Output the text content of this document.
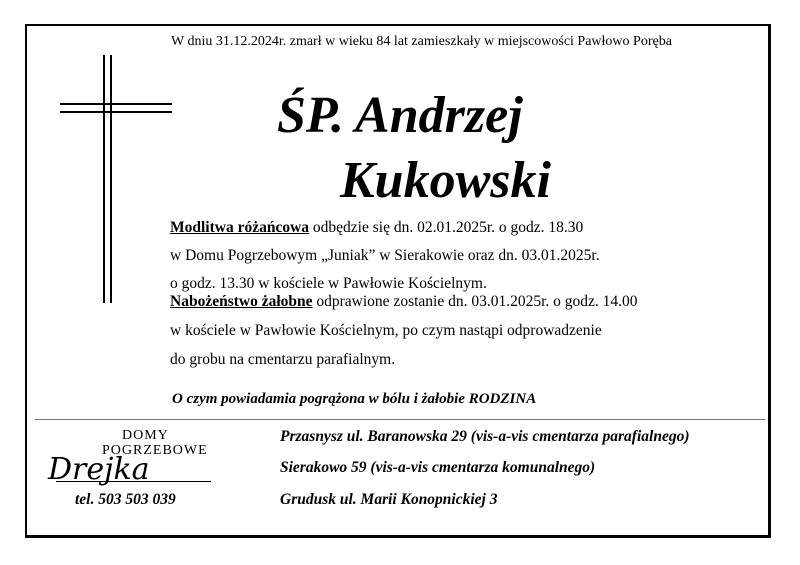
W dniu 31.12.2024r. zmarł w wieku 84 lat zamieszkały w miejscowości Pawłowo Poręba
ŚP. Andrzej
Kukowski
Modlitwa różańcowa odbędzie się dn. 02.01.2025r. o godz. 18.30
w Domu Pogrzebowym „Juniak” w Sierakowie oraz dn. 03.01.2025r.
o godz. 13.30 w kościele w Pawłowie Kościelnym.
Nabożeństwo żałobne odprawione zostanie dn. 03.01.2025r. o godz. 14.00
w kościele w Pawłowie Kościelnym, po czym nastąpi odprowadzenie
do grobu na cmentarzu parafialnym.
O czym powiadamia pogrążona w bólu i żałobie RODZINA
DOMY
POGRZEBOWE
Drejka
tel. 503 503 039
Przasnysz ul. Baranowska 29 (vis-a-vis cmentarza parafialnego)
Sierakowo 59 (vis-a-vis cmentarza komunalnego)
Grudusk ul. Marii Konopnickiej 3
